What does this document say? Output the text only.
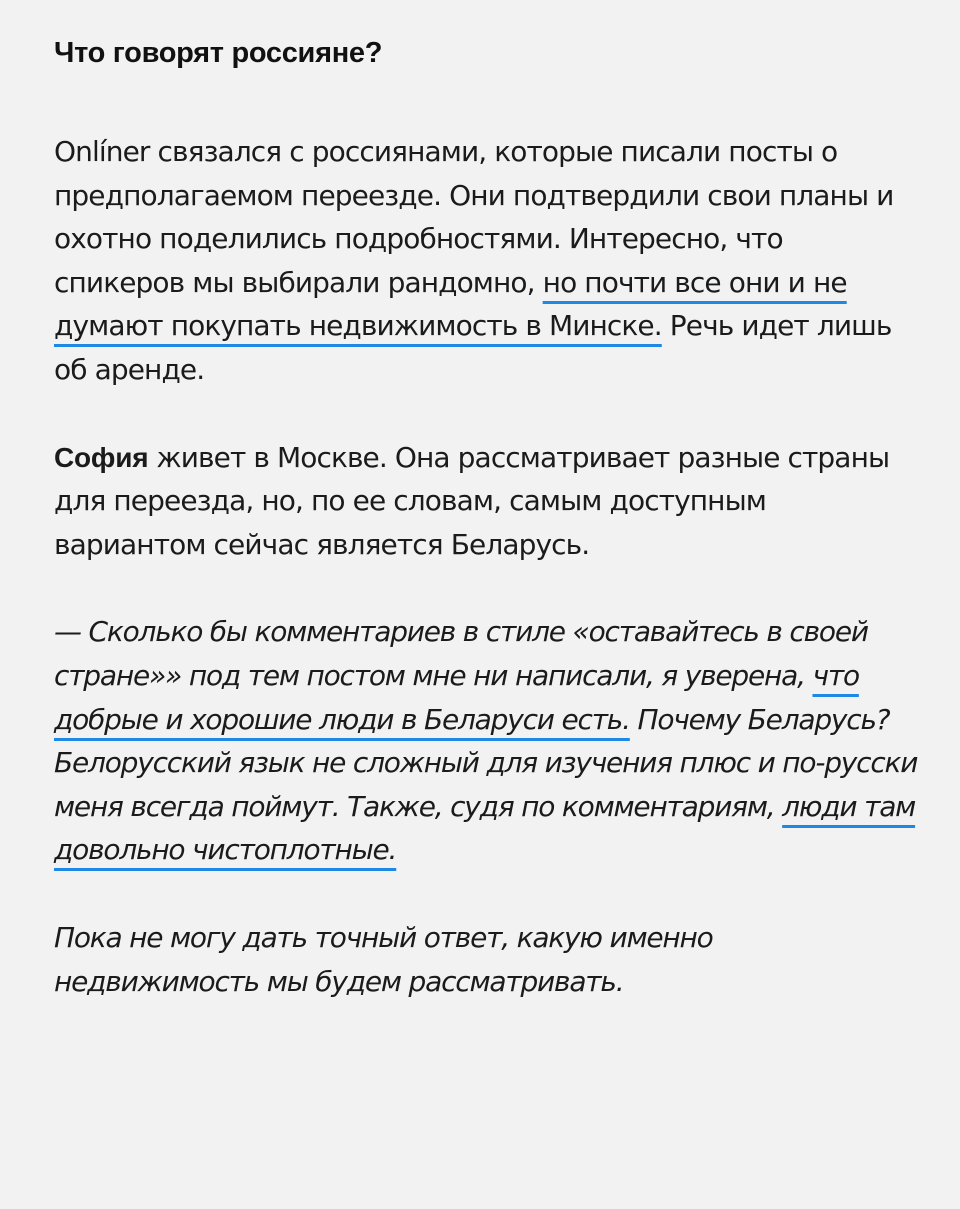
Что говорят россияне?

Onlíner связался с россиянами, которые писали посты о предполагаемом переезде. Они подтвердили свои планы и охотно поделились подробностями. Интересно, что спикеров мы выбирали рандомно, но почти все они и не думают покупать недвижимость в Минске. Речь идет лишь об аренде.

София живет в Москве. Она рассматривает разные страны для переезда, но, по ее словам, самым доступным вариантом сейчас является Беларусь.

— Сколько бы комментариев в стиле «оставайтесь в своей стране»» под тем постом мне ни написали, я уверена, что добрые и хорошие люди в Беларуси есть. Почему Беларусь? Белорусский язык не сложный для изучения плюс и по-русски меня всегда поймут. Также, судя по комментариям, люди там довольно чистоплотные.

Пока не могу дать точный ответ, какую именно недвижимость мы будем рассматривать.
